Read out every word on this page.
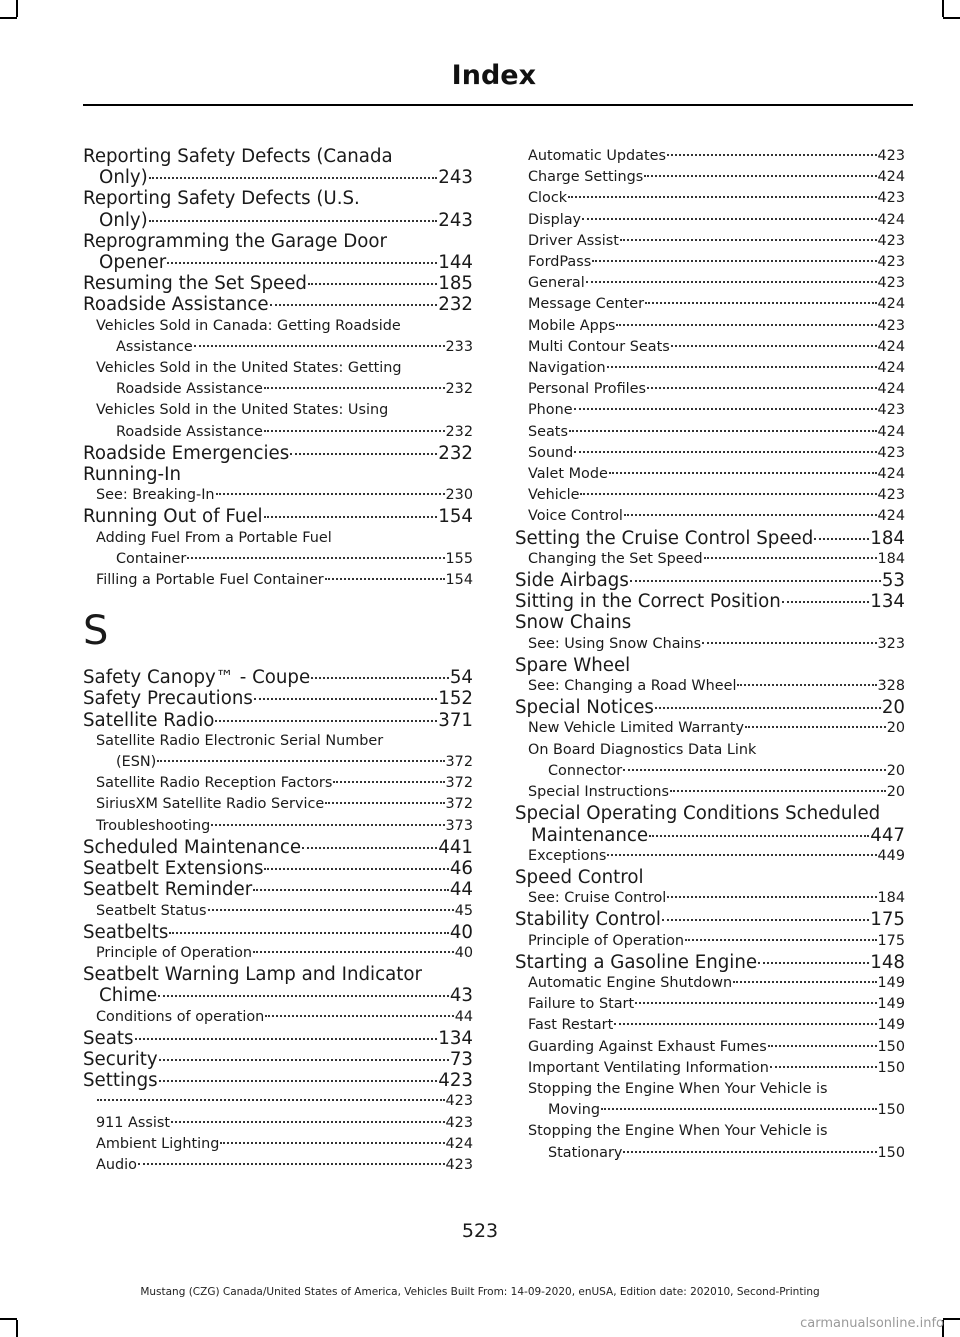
Index
Reporting Safety Defects (Canada
Only)	243
Reporting Safety Defects (U.S.
Only)	243
Reprogramming the Garage Door
Opener	144
Resuming the Set Speed	185
Roadside Assistance	232
Vehicles Sold in Canada: Getting Roadside
Assistance	233
Vehicles Sold in the United States: Getting
Roadside Assistance	232
Vehicles Sold in the United States: Using
Roadside Assistance	232
Roadside Emergencies	232
Running-In
See: Breaking-In	230
Running Out of Fuel	154
Adding Fuel From a Portable Fuel
Container	155
Filling a Portable Fuel Container	154
S
Safety Canopy™ - Coupe	54
Safety Precautions	152
Satellite Radio	371
Satellite Radio Electronic Serial Number
(ESN)	372
Satellite Radio Reception Factors	372
SiriusXM Satellite Radio Service	372
Troubleshooting	373
Scheduled Maintenance	441
Seatbelt Extensions	46
Seatbelt Reminder	44
Seatbelt Status	45
Seatbelts	40
Principle of Operation	40
Seatbelt Warning Lamp and Indicator
Chime	43
Conditions of operation	44
Seats	134
Security	73
Settings	423
423
911 Assist	423
Ambient Lighting	424
Audio	423
Automatic Updates	423
Charge Settings	424
Clock	423
Display	424
Driver Assist	423
FordPass	423
General	423
Message Center	424
Mobile Apps	423
Multi Contour Seats	424
Navigation	424
Personal Profiles	424
Phone	423
Seats	424
Sound	423
Valet Mode	424
Vehicle	423
Voice Control	424
Setting the Cruise Control Speed	184
Changing the Set Speed	184
Side Airbags	53
Sitting in the Correct Position	134
Snow Chains
See: Using Snow Chains	323
Spare Wheel
See: Changing a Road Wheel	328
Special Notices	20
New Vehicle Limited Warranty	20
On Board Diagnostics Data Link
Connector	20
Special Instructions	20
Special Operating Conditions Scheduled
Maintenance	447
Exceptions	449
Speed Control
See: Cruise Control	184
Stability Control	175
Principle of Operation	175
Starting a Gasoline Engine	148
Automatic Engine Shutdown	149
Failure to Start	149
Fast Restart	149
Guarding Against Exhaust Fumes	150
Important Ventilating Information	150
Stopping the Engine When Your Vehicle is
Moving	150
Stopping the Engine When Your Vehicle is
Stationary	150
523
Mustang (CZG) Canada/United States of America, Vehicles Built From: 14-09-2020, enUSA, Edition date: 202010, Second-Printing
carmanualsonline.info
